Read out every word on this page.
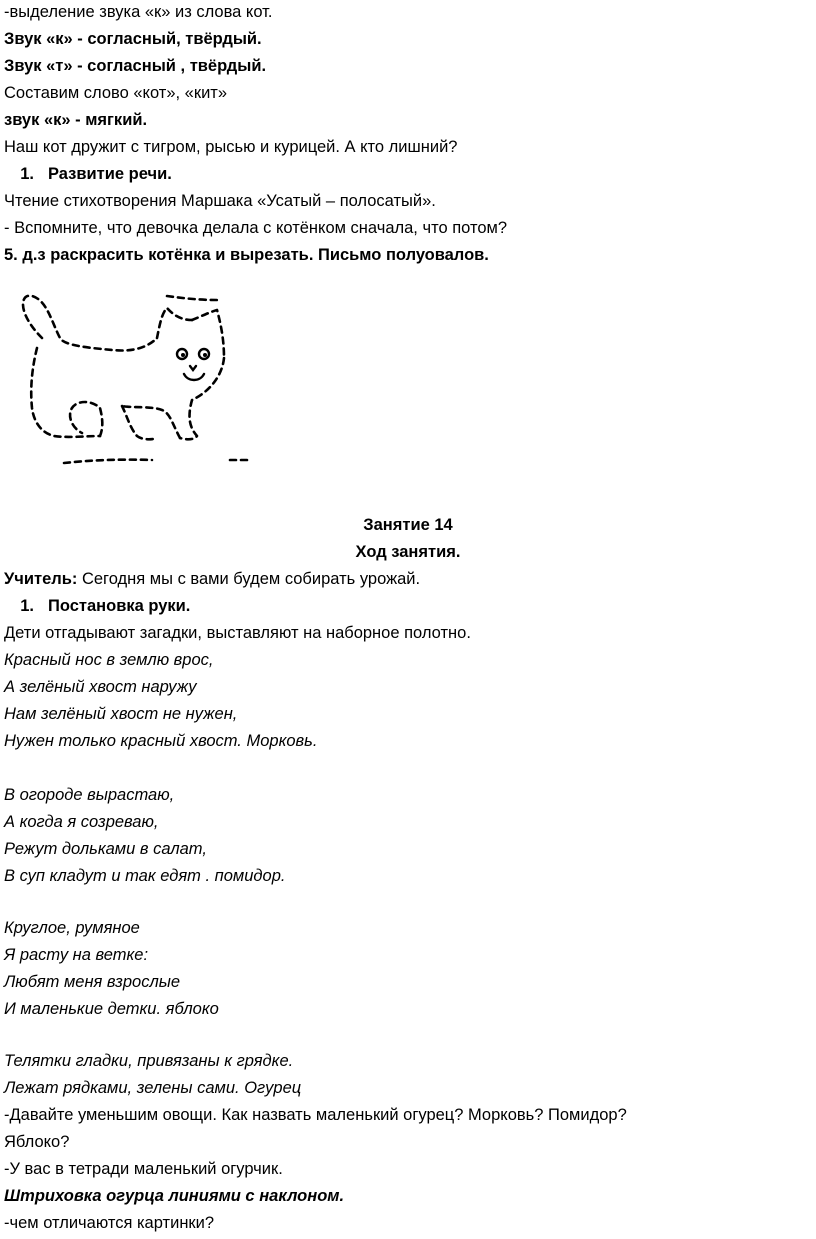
-выделение звука «к» из слова кот.
Звук «к» - согласный, твёрдый.
Звук «т» - согласный , твёрдый.
Составим слово «кот», «кит»
звук «к» - мягкий.
Наш кот дружит с тигром, рысью и курицей. А кто лишний?
1. Развитие речи.
Чтение стихотворения Маршака «Усатый – полосатый».
- Вспомните, что девочка делала с котёнком сначала, что потом?
5. д.з раскрасить котёнка и вырезать. Письмо полуовалов.
Занятие 14
Ход занятия.
Учитель: Сегодня мы с вами будем собирать урожай.
1. Постановка руки.
Дети отгадывают загадки, выставляют на наборное полотно.
Красный нос в землю врос,
А зелёный хвост наружу
Нам зелёный хвост не нужен,
Нужен только красный хвост. Морковь.
В огороде вырастаю,
А когда я созреваю,
Режут дольками в салат,
В суп кладут и так едят . помидор.
Круглое, румяное
Я расту на ветке:
Любят меня взрослые
И маленькие детки. яблоко
Телятки гладки, привязаны к грядке.
Лежат рядками, зелены сами. Огурец
-Давайте уменьшим овощи. Как назвать маленький огурец? Морковь? Помидор?
Яблоко?
-У вас в тетради маленький огурчик.
Штриховка огурца линиями с наклоном.
-чем отличаются картинки?
